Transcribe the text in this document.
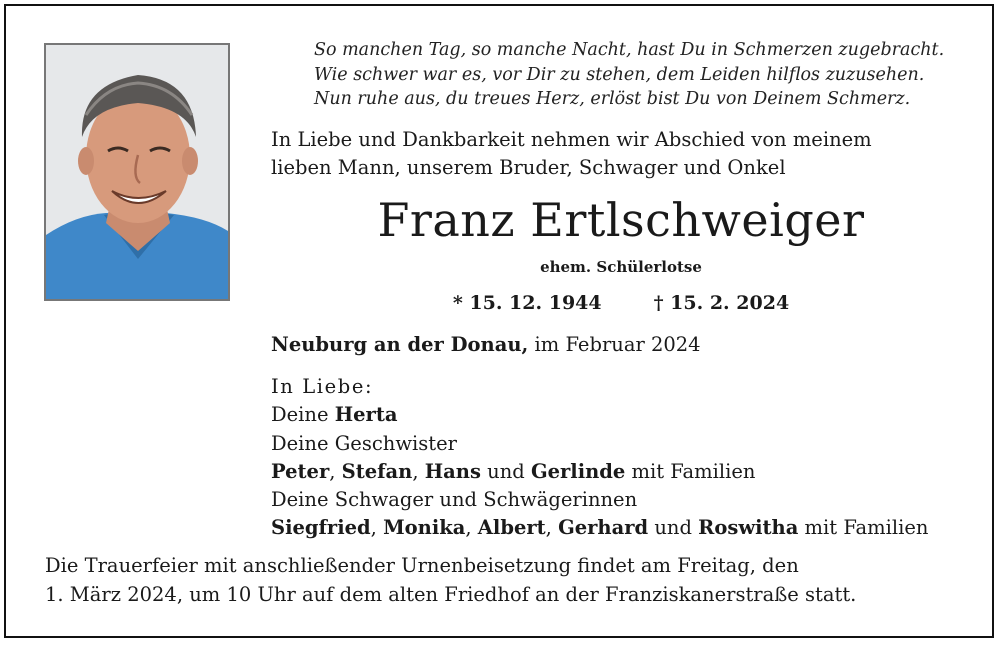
So manchen Tag, so manche Nacht, hast Du in Schmerzen zugebracht.
Wie schwer war es, vor Dir zu stehen, dem Leiden hilflos zuzusehen.
Nun ruhe aus, du treues Herz, erlöst bist Du von Deinem Schmerz.
In Liebe und Dankbarkeit nehmen wir Abschied von meinem
lieben Mann, unserem Bruder, Schwager und Onkel
Franz Ertlschweiger
ehem. Schülerlotse
* 15. 12. 1944	† 15. 2. 2024
Neuburg an der Donau, im Februar 2024
In Liebe:
Deine Herta
Deine Geschwister
Peter, Stefan, Hans und Gerlinde mit Familien
Deine Schwager und Schwägerinnen
Siegfried, Monika, Albert, Gerhard und Roswitha mit Familien
Die Trauerfeier mit anschließender Urnenbeisetzung findet am Freitag, den
1. März 2024, um 10 Uhr auf dem alten Friedhof an der Franziskanerstraße statt.
